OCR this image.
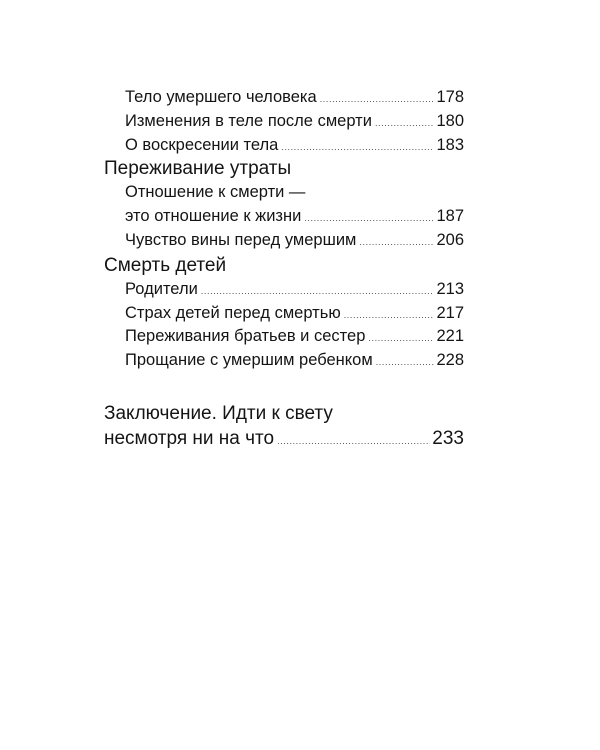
Тело умершего человека .....	178
Изменения в теле после смерти .....	180
О воскресении тела .....	183
Переживание утраты
Отношение к смерти —
это отношение к жизни .....	187
Чувство вины перед умершим .....	206
Смерть детей
Родители .....	213
Страх детей перед смертью .....	217
Переживания братьев и сестер .....	221
Прощание с умершим ребенком .....	228
Заключение. Идти к свету
несмотря ни на что .....	233
